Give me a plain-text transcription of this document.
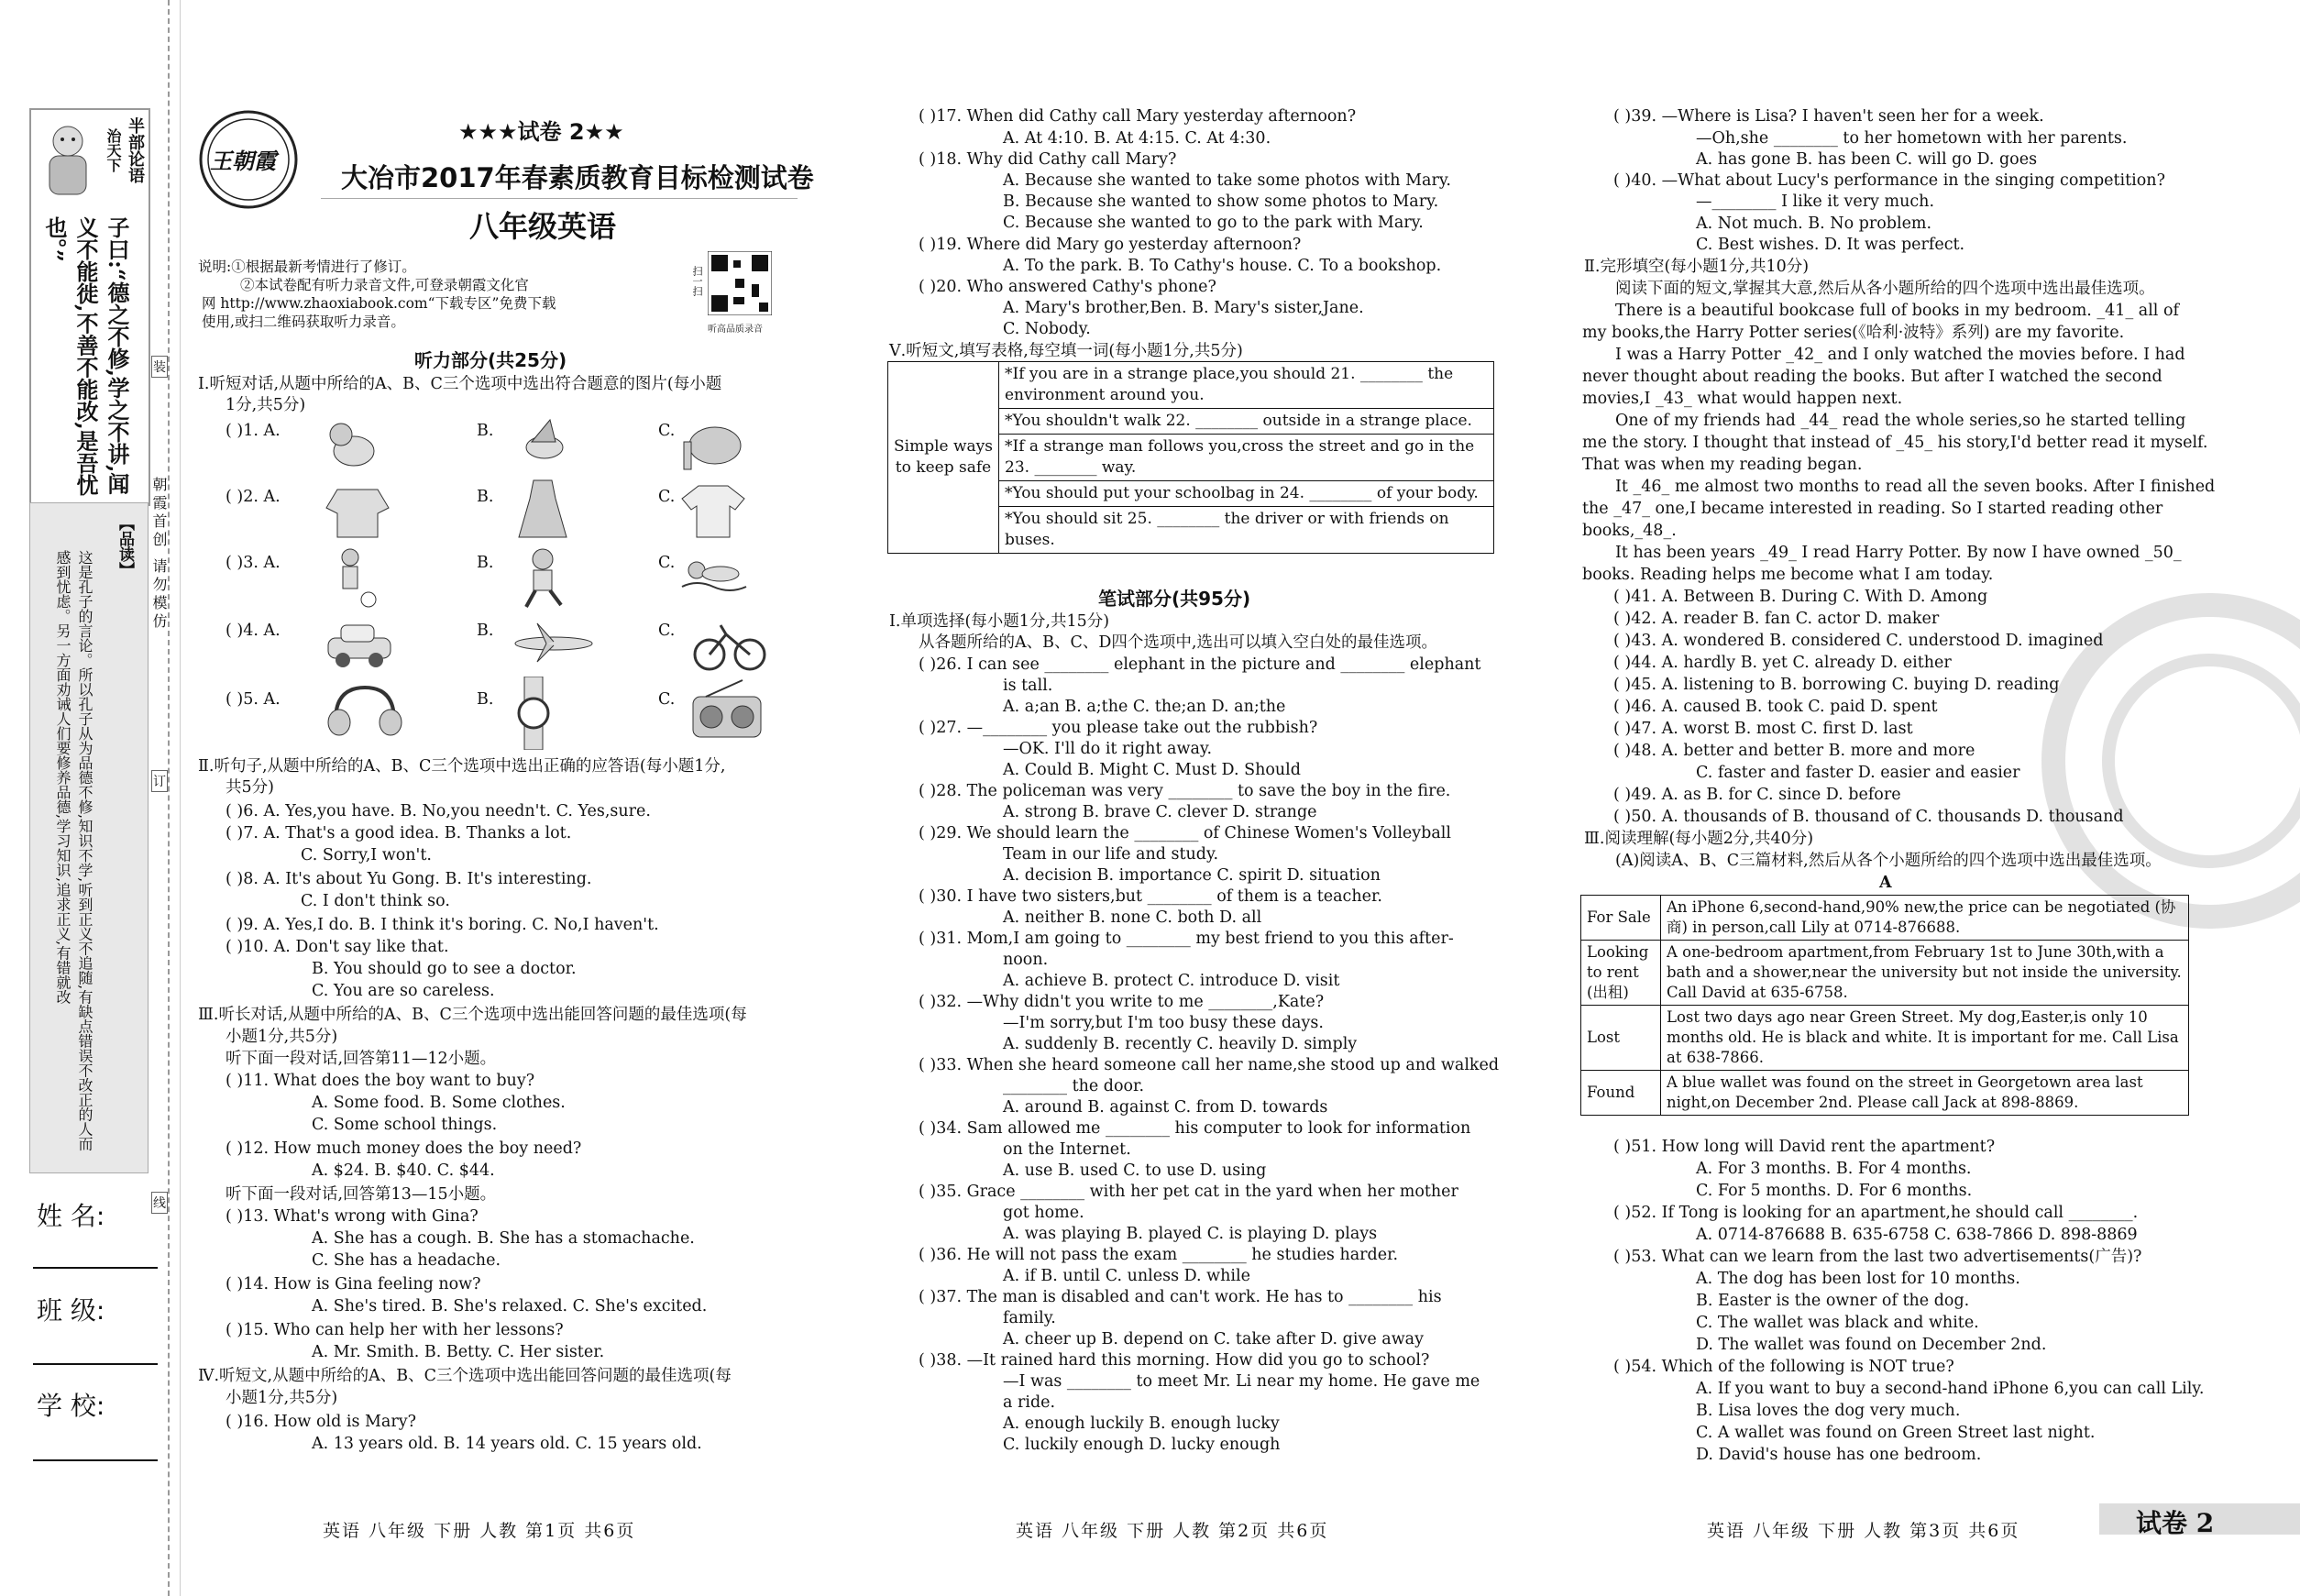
半部论语
治天下
子曰:“德之不修,学之不讲,闻义不能徙,不善不能改,是吾忧也。”
【品读】
这是孔子的言论。所以孔子从为品德不修,知识不学,听到正义不追随,有缺点错误不改正的人而感到忧虑。另一方面劝诫人们要修养品德,学习知识,追求正义,有错就改	朝霞首创 请勿模仿
装
订
线
姓 名:
班 级:
学 校:
王朝霞
★★★试卷 2★★
大冶市2017年春素质教育目标检测试卷
八年级英语
说明:①根据最新考情进行了修订。
②本试卷配有听力录音文件,可登录朝霞文化官
网 http://www.zhaoxiabook.com“下载专区”免费下载
使用,或扫二维码获取听力录音。
扫一扫
听高品质录音
听力部分(共25分)
Ⅰ.听短对话,从题中所给的A、B、C三个选项中选出符合题意的图片(每小题
1分,共5分)
( )1. A.	B.	C.
( )2. A.	B.	C.
( )3. A.	B.	C.
( )4. A.	B.	C.
( )5. A.	B.	C.
Ⅱ.听句子,从题中所给的A、B、C三个选项中选出正确的应答语(每小题1分,
共5分)
( )6. A. Yes,you have. B. No,you needn't. C. Yes,sure.
( )7. A. That's a good idea. B. Thanks a lot.
C. Sorry,I won't.
( )8. A. It's about Yu Gong. B. It's interesting.
C. I don't think so.
( )9. A. Yes,I do. B. I think it's boring. C. No,I haven't.
( )10. A. Don't say like that.
B. You should go to see a doctor.
C. You are so careless.
Ⅲ.听长对话,从题中所给的A、B、C三个选项中选出能回答问题的最佳选项(每
小题1分,共5分)
听下面一段对话,回答第11—12小题。
( )11. What does the boy want to buy?
A. Some food. B. Some clothes.
C. Some school things.
( )12. How much money does the boy need?
A. $24. B. $40. C. $44.
听下面一段对话,回答第13—15小题。
( )13. What's wrong with Gina?
A. She has a cough. B. She has a stomachache.
C. She has a headache.
( )14. How is Gina feeling now?
A. She's tired. B. She's relaxed. C. She's excited.
( )15. Who can help her with her lessons?
A. Mr. Smith. B. Betty. C. Her sister.
Ⅳ.听短文,从题中所给的A、B、C三个选项中选出能回答问题的最佳选项(每
小题1分,共5分)
( )16. How old is Mary?
A. 13 years old. B. 14 years old. C. 15 years old.
英语 八年级 下册 人教 第1页 共6页
( )17. When did Cathy call Mary yesterday afternoon?
A. At 4:10. B. At 4:15. C. At 4:30.
( )18. Why did Cathy call Mary?
A. Because she wanted to take some photos with Mary.
B. Because she wanted to show some photos to Mary.
C. Because she wanted to go to the park with Mary.
( )19. Where did Mary go yesterday afternoon?
A. To the park. B. To Cathy's house. C. To a bookshop.
( )20. Who answered Cathy's phone?
A. Mary's brother,Ben. B. Mary's sister,Jane.
C. Nobody.
Ⅴ.听短文,填写表格,每空填一词(每小题1分,共5分)
Simple ways to keep safe	*If you are in a strange place,you should 21. ________ the environment around you.
*You shouldn't walk 22. ________ outside in a strange place.
*If a strange man follows you,cross the street and go in the 23. ________ way.
*You should put your schoolbag in 24. ________ of your body.
*You should sit 25. ________ the driver or with friends on buses.
笔试部分(共95分)
Ⅰ.单项选择(每小题1分,共15分)
从各题所给的A、B、C、D四个选项中,选出可以填入空白处的最佳选项。
( )26. I can see ________ elephant in the picture and ________ elephant
is tall.
A. a;an B. a;the C. the;an D. an;the
( )27. —________ you please take out the rubbish?
—OK. I'll do it right away.
A. Could B. Might C. Must D. Should
( )28. The policeman was very ________ to save the boy in the fire.
A. strong B. brave C. clever D. strange
( )29. We should learn the ________ of Chinese Women's Volleyball
Team in our life and study.
A. decision B. importance C. spirit D. situation
( )30. I have two sisters,but ________ of them is a teacher.
A. neither B. none C. both D. all
( )31. Mom,I am going to ________ my best friend to you this after-
noon.
A. achieve B. protect C. introduce D. visit
( )32. —Why didn't you write to me ________,Kate?
—I'm sorry,but I'm too busy these days.
A. suddenly B. recently C. heavily D. simply
( )33. When she heard someone call her name,she stood up and walked
________ the door.
A. around B. against C. from D. towards
( )34. Sam allowed me ________ his computer to look for information
on the Internet.
A. use B. used C. to use D. using
( )35. Grace ________ with her pet cat in the yard when her mother
got home.
A. was playing B. played C. is playing D. plays
( )36. He will not pass the exam ________ he studies harder.
A. if B. until C. unless D. while
( )37. The man is disabled and can't work. He has to ________ his
family.
A. cheer up B. depend on C. take after D. give away
( )38. —It rained hard this morning. How did you go to school?
—I was ________ to meet Mr. Li near my home. He gave me
a ride.
A. enough luckily B. enough lucky
C. luckily enough D. lucky enough
英语 八年级 下册 人教 第2页 共6页
( )39. —Where is Lisa? I haven't seen her for a week.
—Oh,she ________ to her hometown with her parents.
A. has gone B. has been C. will go D. goes
( )40. —What about Lucy's performance in the singing competition?
—________ I like it very much.
A. Not much. B. No problem.
C. Best wishes. D. It was perfect.
Ⅱ.完形填空(每小题1分,共10分)
阅读下面的短文,掌握其大意,然后从各小题所给的四个选项中选出最佳选项。
There is a beautiful bookcase full of books in my bedroom. _41_ all of
my books,the Harry Potter series(《哈利·波特》系列) are my favorite.
I was a Harry Potter _42_ and I only watched the movies before. I had
never thought about reading the books. But after I watched the second
movies,I _43_ what would happen next.
One of my friends had _44_ read the whole series,so he started telling
me the story. I thought that instead of _45_ his story,I'd better read it myself.
That was when my reading began.
It _46_ me almost two months to read all the seven books. After I finished
the _47_ one,I became interested in reading. So I started reading other
books,_48_.
It has been years _49_ I read Harry Potter. By now I have owned _50_
books. Reading helps me become what I am today.
( )41. A. Between B. During C. With D. Among
( )42. A. reader B. fan C. actor D. maker
( )43. A. wondered B. considered C. understood D. imagined
( )44. A. hardly B. yet C. already D. either
( )45. A. listening to B. borrowing C. buying D. reading
( )46. A. caused B. took C. paid D. spent
( )47. A. worst B. most C. first D. last
( )48. A. better and better B. more and more
C. faster and faster D. easier and easier
( )49. A. as B. for C. since D. before
( )50. A. thousands of B. thousand of C. thousands D. thousand
Ⅲ.阅读理解(每小题2分,共40分)
(A)阅读A、B、C三篇材料,然后从各个小题所给的四个选项中选出最佳选项。
A
For Sale	An iPhone 6,second-hand,90% new,the price can be negotiated (协商) in person,call Lily at 0714-876688.
Looking to rent (出租)	A one-bedroom apartment,from February 1st to June 30th,with a bath and a shower,near the university but not inside the university. Call David at 635-6758.
Lost	Lost two days ago near Green Street. My dog,Easter,is only 10 months old. He is black and white. It is important for me. Call Lisa at 638-7866.
Found	A blue wallet was found on the street in Georgetown area last night,on December 2nd. Please call Jack at 898-8869.
( )51. How long will David rent the apartment?
A. For 3 months. B. For 4 months.
C. For 5 months. D. For 6 months.
( )52. If Tong is looking for an apartment,he should call ________.
A. 0714-876688 B. 635-6758 C. 638-7866 D. 898-8869
( )53. What can we learn from the last two advertisements(广告)?
A. The dog has been lost for 10 months.
B. Easter is the owner of the dog.
C. The wallet was black and white.
D. The wallet was found on December 2nd.
( )54. Which of the following is NOT true?
A. If you want to buy a second-hand iPhone 6,you can call Lily.
B. Lisa loves the dog very much.
C. A wallet was found on Green Street last night.
D. David's house has one bedroom.
英语 八年级 下册 人教 第3页 共6页	试卷 2
